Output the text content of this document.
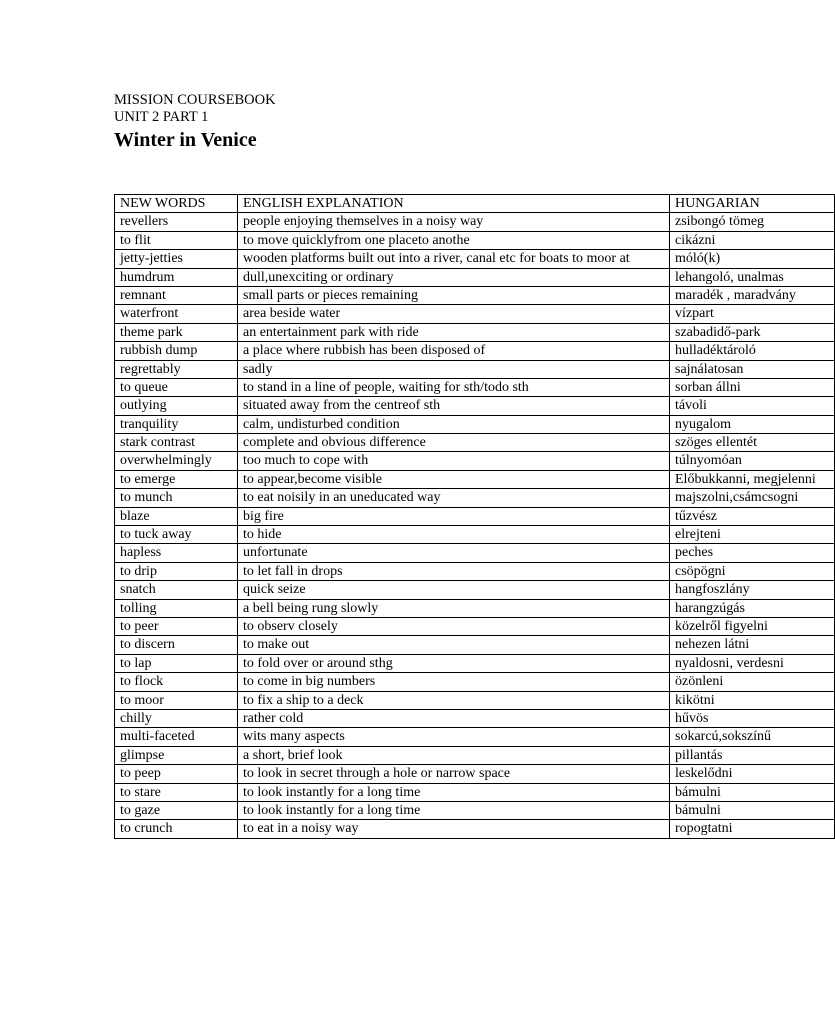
MISSION COURSEBOOK
UNIT 2 PART 1
Winter in Venice
NEW WORDS	ENGLISH EXPLANATION	HUNGARIAN
revellers	people enjoying themselves in a noisy way	zsibongó tömeg
to flit	to move quicklyfrom one placeto anothe	cikázni
jetty-jetties	wooden platforms built out into a river, canal etc for boats to moor at	móló(k)
humdrum	dull,unexciting or ordinary	lehangoló, unalmas
remnant	small parts or pieces remaining	maradék , maradvány
waterfront	area beside water	vízpart
theme park	an entertainment park with ride	szabadidő-park
rubbish dump	a place where rubbish has been disposed of	hulladéktároló
regrettably	sadly	sajnálatosan
to queue	to stand in a line of people, waiting for sth/todo sth	sorban állni
outlying	situated away from the centreof sth	távoli
tranquility	calm, undisturbed condition	nyugalom
stark contrast	complete and obvious difference	szöges ellentét
overwhelmingly	too much to cope with	túlnyomóan
to emerge	to appear,become visible	Előbukkanni, megjelenni
to munch	to eat noisily in an uneducated way	majszolni,csámcsogni
blaze	big fire	tűzvész
to tuck away	to hide	elrejteni
hapless	unfortunate	peches
to drip	to let fall in drops	csöpögni
snatch	quick seize	hangfoszlány
tolling	a bell being rung slowly	harangzúgás
to peer	to observ closely	közelről figyelni
to discern	to make out	nehezen látni
to lap	to fold over or around sthg	nyaldosni, verdesni
to flock	to come in big numbers	özönleni
to moor	to fix a ship to a deck	kikötni
chilly	rather cold	hűvös
multi-faceted	wits many aspects	sokarcú,sokszínű
glimpse	a short, brief look	pillantás
to peep	to look in secret through a hole or narrow space	leskelődni
to stare	to look instantly for a long time	bámulni
to gaze	to look instantly for a long time	bámulni
to crunch	to eat in a noisy way	ropogtatni
